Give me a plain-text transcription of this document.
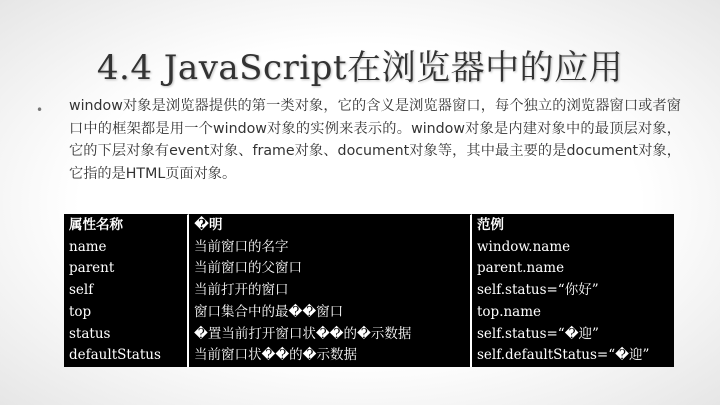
4.4 JavaScript在浏览器中的应用
• window对象是浏览器提供的第一类对象，它的含义是浏览器窗口，每个独立的浏览器窗口或者窗口中的框架都是用一个window对象的实例来表示的。window对象是内建对象中的最顶层对象，它的下层对象有event对象、frame对象、document对象等，其中最主要的是document对象，它指的是HTML页面对象。
属性名称	�明	范例
name	当前窗口的名字	window.name
parent	当前窗口的父窗口	parent.name
self	当前打开的窗口	self.status=“你好”
top	窗口集合中的最��窗口	top.name
status	�置当前打开窗口状��的�示数据	self.status=“�迎”
defaultStatus	当前窗口状��的�示数据	self.defaultStatus=“�迎”
